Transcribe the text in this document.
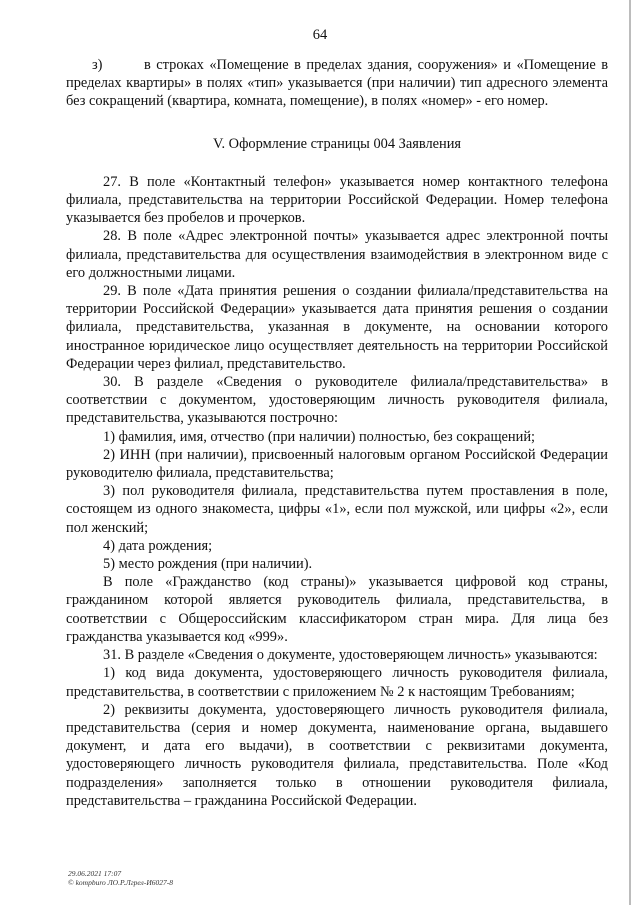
64

з)	в строках «Помещение в пределах здания, сооружения» и «Помещение в пределах квартиры» в полях «тип» указывается (при наличии) тип адресного элемента без сокращений (квартира, комната, помещение), в полях «номер» - его номер.

V. Оформление страницы 004 Заявления

27. В поле «Контактный телефон» указывается номер контактного телефона филиала, представительства на территории Российской Федерации. Номер телефона указывается без пробелов и прочерков.

28. В поле «Адрес электронной почты» указывается адрес электронной почты филиала, представительства для осуществления взаимодействия в электронном виде с его должностными лицами.

29. В поле «Дата принятия решения о создании филиала/представительства на территории Российской Федерации» указывается дата принятия решения о создании филиала, представительства, указанная в документе, на основании которого иностранное юридическое лицо осуществляет деятельность на территории Российской Федерации через филиал, представительство.

30. В разделе «Сведения о руководителе филиала/представительства» в соответствии с документом, удостоверяющим личность руководителя филиала, представительства, указываются построчно:

1) фамилия, имя, отчество (при наличии) полностью, без сокращений;

2) ИНН (при наличии), присвоенный налоговым органом Российской Федерации руководителю филиала, представительства;

3) пол руководителя филиала, представительства путем проставления в поле, состоящем из одного знакоместа, цифры «1», если пол мужской, или цифры «2», если пол женский;

4) дата рождения;

5) место рождения (при наличии).

В поле «Гражданство (код страны)» указывается цифровой код страны, гражданином которой является руководитель филиала, представительства, в соответствии с Общероссийским классификатором стран мира. Для лица без гражданства указывается код «999».

31. В разделе «Сведения о документе, удостоверяющем личность» указываются:

1) код вида документа, удостоверяющего личность руководителя филиала, представительства, в соответствии с приложением № 2 к настоящим Требованиям;

2) реквизиты документа, удостоверяющего личность руководителя филиала, представительства (серия и номер документа, наименование органа, выдавшего документ, и дата его выдачи), в соответствии с реквизитами документа, удостоверяющего личность руководителя филиала, представительства. Поле «Код подразделения» заполняется только в отношении руководителя филиала, представительства – гражданина Российской Федерации.

29.06.2021 17:07
© kompburo ЛО.Р.Лгрел-И6027-8
